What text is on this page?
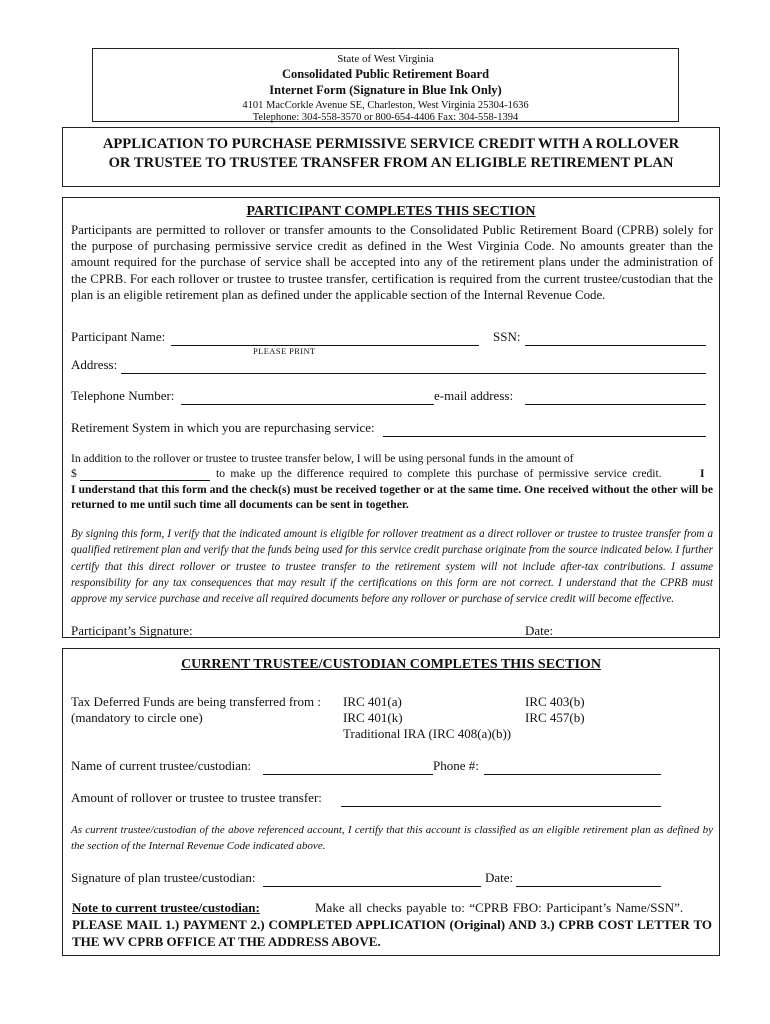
State of West Virginia
Consolidated Public Retirement Board
Internet Form (Signature in Blue Ink Only)
4101 MacCorkle Avenue SE, Charleston, West Virginia 25304-1636
Telephone: 304-558-3570 or 800-654-4406 Fax: 304-558-1394
APPLICATION TO PURCHASE PERMISSIVE SERVICE CREDIT WITH A ROLLOVER
OR TRUSTEE TO TRUSTEE TRANSFER FROM AN ELIGIBLE RETIREMENT PLAN
PARTICIPANT COMPLETES THIS SECTION
Participants are permitted to rollover or transfer amounts to the Consolidated Public Retirement Board (CPRB) solely for the purpose of purchasing permissive service credit as defined in the West Virginia Code. No amounts greater than the amount required for the purchase of service shall be accepted into any of the retirement plans under the administration of the CPRB. For each rollover or trustee to trustee transfer, certification is required from the current trustee/custodian that the plan is an eligible retirement plan as defined under the applicable section of the Internal Revenue Code.
Participant Name:	SSN:
PLEASE PRINT
Address:
Telephone Number:	e-mail address:
Retirement System in which you are repurchasing service:
In addition to the rollover or trustee to trustee transfer below, I will be using personal funds in the amount of
$	to make up the difference required to complete this purchase of permissive service credit.	I
I understand that this form and the check(s) must be received together or at the same time. One received without the other will be returned to me until such time all documents can be sent in together.
By signing this form, I verify that the indicated amount is eligible for rollover treatment as a direct rollover or trustee to trustee transfer from a qualified retirement plan and verify that the funds being used for this service credit purchase originate from the source indicated below. I further certify that this direct rollover or trustee to trustee transfer to the retirement system will not include after-tax contributions. I assume responsibility for any tax consequences that may result if the certifications on this form are not correct. I understand that the CPRB must approve my service purchase and receive all required documents before any rollover or purchase of service credit will become effective.
Participant’s Signature:	Date:
CURRENT TRUSTEE/CUSTODIAN COMPLETES THIS SECTION
Tax Deferred Funds are being transferred from :
(mandatory to circle one)
IRC 401(a)	IRC 403(b)
IRC 401(k)	IRC 457(b)
Traditional IRA (IRC 408(a)(b))
Name of current trustee/custodian:	Phone #:
Amount of rollover or trustee to trustee transfer:
As current trustee/custodian of the above referenced account, I certify that this account is classified as an eligible retirement plan as defined by the section of the Internal Revenue Code indicated above.
Signature of plan trustee/custodian:	Date:
Note to current trustee/custodian:	Make all checks payable to: “CPRB FBO: Participant’s Name/SSN”.
PLEASE MAIL 1.) PAYMENT 2.) COMPLETED APPLICATION (Original) AND 3.) CPRB COST LETTER TO THE WV CPRB OFFICE AT THE ADDRESS ABOVE.
